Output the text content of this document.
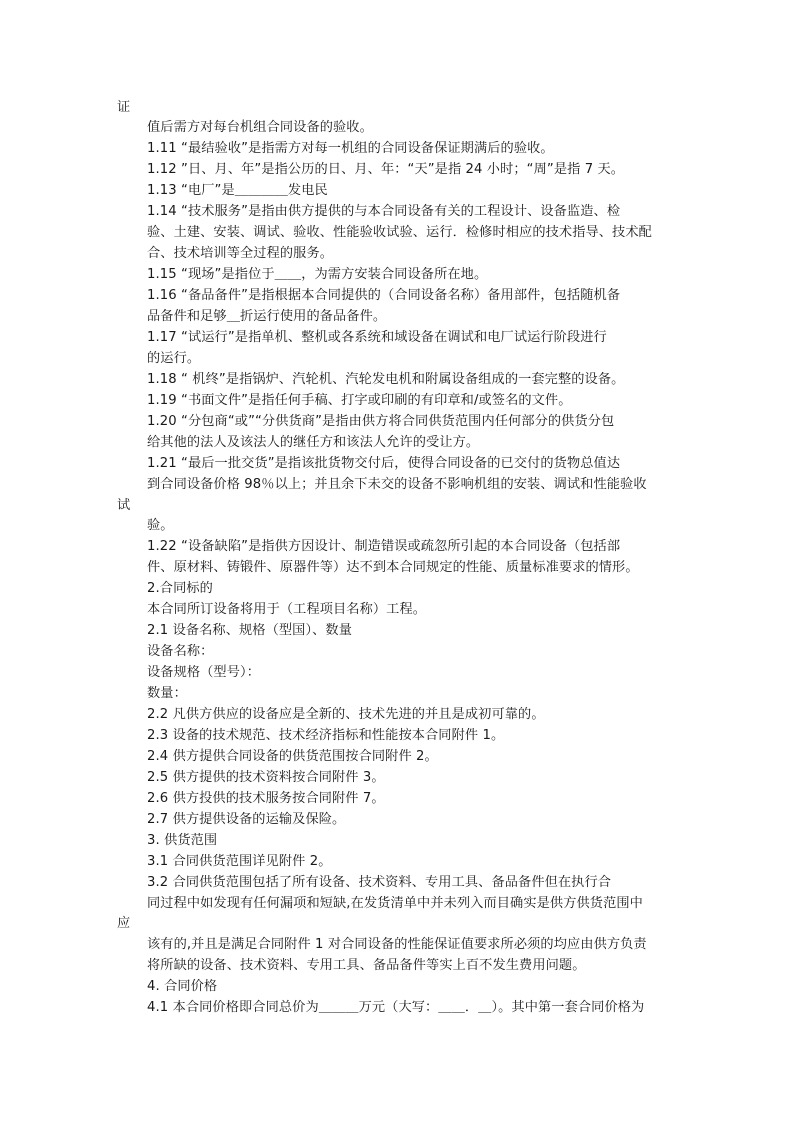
证
值后需方对每台机组合同设备的验收。
1.11 “最结验收”是指需方对每一机组的合同设备保证期满后的验收。
1.12 ”日、月、年”是指公历的日、月、年：“天”是指 24 小时；“周”是指 7 天。
1.13 “电厂”是＿＿＿＿发电民
1.14 “技术服务”是指由供方提供的与本合同设备有关的工程设计、设备监造、检
验、土建、安装、调试、验收、性能验收试验、运行．检修时相应的技术指导、技术配
合、技术培训等全过程的服务。
1.15 “现场”是指位于＿＿，为需方安装合同设备所在地。
1.16 “备品备件”是指根据本合同提供的（合同设备名称）备用部件，包括随机备
品备件和足够＿折运行使用的备品备件。
1.17 “试运行”是指单机、整机或各系统和域设备在调试和电厂试运行阶段进行
的运行。
1.18 “ 机终”是指锅炉、汽轮机、汽轮发电机和附属设备组成的一套完整的设备。
1.19 “书面文件”是指任何手稿、打字或印刷的有印章和/或签名的文件。
1.20 “分包商“或”“分供货商”是指由供方将合同供货范围内任何部分的供货分包
给其他的法人及该法人的继任方和该法人允许的受让方。
1.21 “最后一批交货”是指该批货物交付后，使得合同设备的已交付的货物总值达
到合同设备价格 98％以上；并且余下未交的设备不影响机组的安装、调试和性能验收
试
验。
1.22 “设备缺陷”是指供方因设计、制造错误或疏忽所引起的本合同设备（包括部
件、原材料、铸锻件、原器件等）达不到本合同规定的性能、质量标准要求的情形。
2.合同标的
本合同所订设备将用于（工程项目名称）工程。
2.1 设备名称、规格（型国）、数量
设备名称：
设备规格（型号）：
数量：
2.2 凡供方供应的设备应是全新的、技术先进的并且是成初可靠的。
2.3 设备的技术规范、技术经济指标和性能按本合同附件 1。
2.4 供方提供合同设备的供货范围按合同附件 2。
2.5 供方提供的技术资料按合同附件 3。
2.6 供方投供的技术服务按合同附件 7。
2.7 供方提供设备的运输及保险。
3. 供货范围
3.1 合同供货范围详见附件 2。
3.2 合同供货范围包括了所有设备、技术资料、专用工具、备品备件但在执行合
同过程中如发现有任何漏项和短缺,在发货清单中并未列入而目确实是供方供货范围中
应
该有的,并且是满足合同附件 1 对合同设备的性能保证值要求所必须的均应由供方负责
将所缺的设备、技术资料、专用工具、备品备件等实上百不发生费用问题。
4. 合同价格
4.1 本合同价格即合同总价为＿＿＿万元（大写：＿＿．＿）。其中第一套合同价格为
